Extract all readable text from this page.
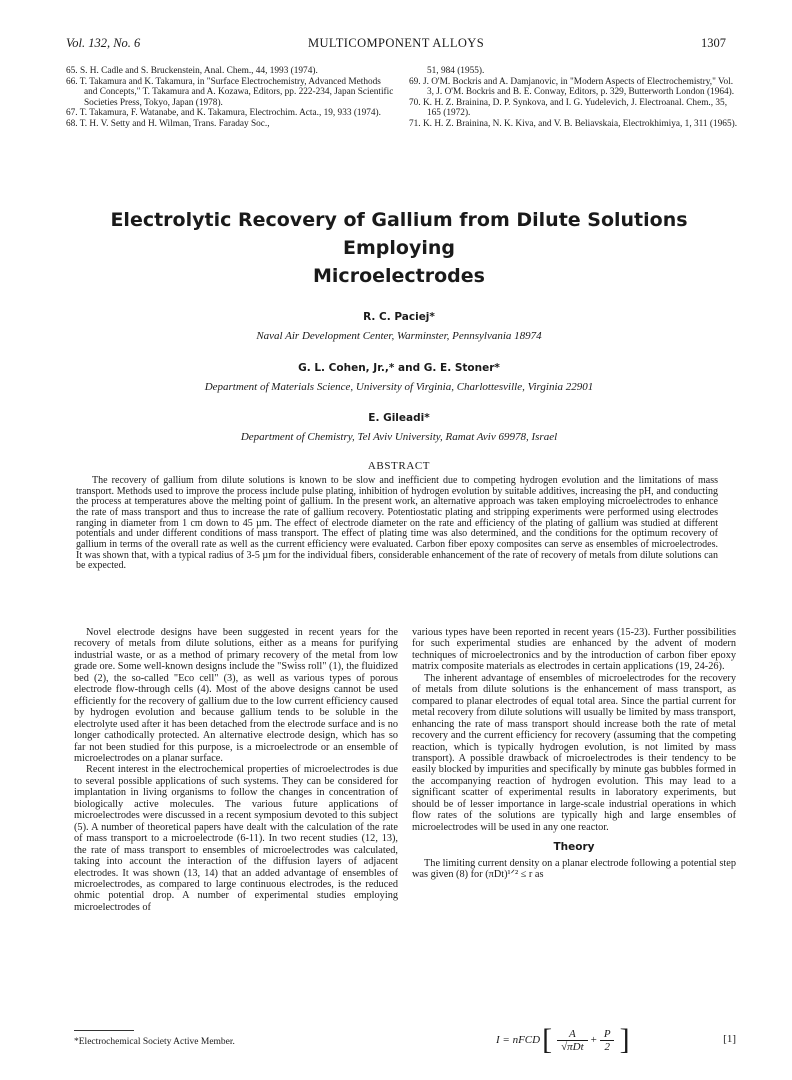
Vol. 132, No. 6	MULTICOMPONENT ALLOYS	1307
65. S. H. Cadle and S. Bruckenstein, Anal. Chem., 44, 1993 (1974).
66. T. Takamura and K. Takamura, in "Surface Electrochemistry, Advanced Methods and Concepts," T. Takamura and A. Kozawa, Editors, pp. 222-234, Japan Scientific Societies Press, Tokyo, Japan (1978).
67. T. Takamura, F. Watanabe, and K. Takamura, Electrochim. Acta., 19, 933 (1974).
68. T. H. V. Setty and H. Wilman, Trans. Faraday Soc.,
51, 984 (1955).
69. J. O'M. Bockris and A. Damjanovic, in "Modern Aspects of Electrochemistry," Vol. 3, J. O'M. Bockris and B. E. Conway, Editors, p. 329, Butterworth London (1964).
70. K. H. Z. Brainina, D. P. Synkova, and I. G. Yudelevich, J. Electroanal. Chem., 35, 165 (1972).
71. K. H. Z. Brainina, N. K. Kiva, and V. B. Beliavskaia, Electrokhimiya, 1, 311 (1965).
Electrolytic Recovery of Gallium from Dilute Solutions Employing
Microelectrodes
R. C. Paciej*
Naval Air Development Center, Warminster, Pennsylvania 18974
G. L. Cohen, Jr.,* and G. E. Stoner*
Department of Materials Science, University of Virginia, Charlottesville, Virginia 22901
E. Gileadi*
Department of Chemistry, Tel Aviv University, Ramat Aviv 69978, Israel
ABSTRACT
The recovery of gallium from dilute solutions is known to be slow and inefficient due to competing hydrogen evolution and the limitations of mass transport. Methods used to improve the process include pulse plating, inhibition of hydrogen evolution by suitable additives, increasing the pH, and conducting the process at temperatures above the melting point of gallium. In the present work, an alternative approach was taken employing microelectrodes to enhance the rate of mass transport and thus to increase the rate of gallium recovery. Potentiostatic plating and stripping experiments were performed using electrodes ranging in diameter from 1 cm down to 45 µm. The effect of electrode diameter on the rate and efficiency of the plating of gallium was studied at different potentials and under different conditions of mass transport. The effect of plating time was also determined, and the conditions for the optimum recovery of gallium in terms of the overall rate as well as the current efficiency were evaluated. Carbon fiber epoxy composites can serve as ensembles of microelectrodes. It was shown that, with a typical radius of 3-5 µm for the individual fibers, considerable enhancement of the rate of recovery of metals from dilute solutions can be expected.

Novel electrode designs have been suggested in recent years for the recovery of metals from dilute solutions, either as a means for purifying industrial waste, or as a method of primary recovery of the metal from low grade ore. Some well-known designs include the "Swiss roll" (1), the fluidized bed (2), the so-called "Eco cell" (3), as well as various types of porous electrode flow-through cells (4). Most of the above designs cannot be used efficiently for the recovery of gallium due to the low current efficiency caused by hydrogen evolution and because gallium tends to be soluble in the electrolyte used after it has been detached from the electrode surface and is no longer cathodically protected. An alternative electrode design, which has so far not been studied for this purpose, is a microelectrode or an ensemble of microelectrodes on a planar surface.

Recent interest in the electrochemical properties of microelectrodes is due to several possible applications of such systems. They can be considered for implantation in living organisms to follow the changes in concentration of biologically active molecules. The various future applications of microelectrodes were discussed in a recent symposium devoted to this subject (5). A number of theoretical papers have dealt with the calculation of the rate of mass transport to a microelectrode (6-11). In two recent studies (12, 13), the rate of mass transport to ensembles of microelectrodes was calculated, taking into account the interaction of the diffusion layers of adjacent electrodes. It was shown (13, 14) that an added advantage of ensembles of microelectrodes, as compared to large continuous electrodes, is the reduced ohmic potential drop. A number of experimental studies employing microelectrodes of

various types have been reported in recent years (15-23). Further possibilities for such experimental studies are enhanced by the advent of modern techniques of microelectronics and by the introduction of carbon fiber epoxy matrix composite materials as electrodes in certain applications (19, 24-26).

The inherent advantage of ensembles of microelectrodes for the recovery of metals from dilute solutions is the enhancement of mass transport, as compared to planar electrodes of equal total area. Since the partial current for metal recovery from dilute solutions will usually be limited by mass transport, enhancing the rate of mass transport should increase both the rate of metal recovery and the current efficiency for recovery (assuming that the competing reaction, which is typically hydrogen evolution, is not limited by mass transport). A possible drawback of microelectrodes is their tendency to be easily blocked by impurities and specifically by minute gas bubbles formed in the accompanying reaction of hydrogen evolution. This may lead to a significant scatter of experimental results in laboratory experiments, but should be of lesser importance in large-scale industrial operations in which flow rates of the solutions are typically high and large ensembles of microelectrodes will be used in any one reactor.

Theory

The limiting current density on a planar electrode following a potential step was given (8) for (πDt)¹ᐟ² ≤ r as

*Electrochemical Society Active Member.	I = nFCD [ $\frac{A}{\text{√πDt}} + \frac{P}{2}$ ]	[1]
